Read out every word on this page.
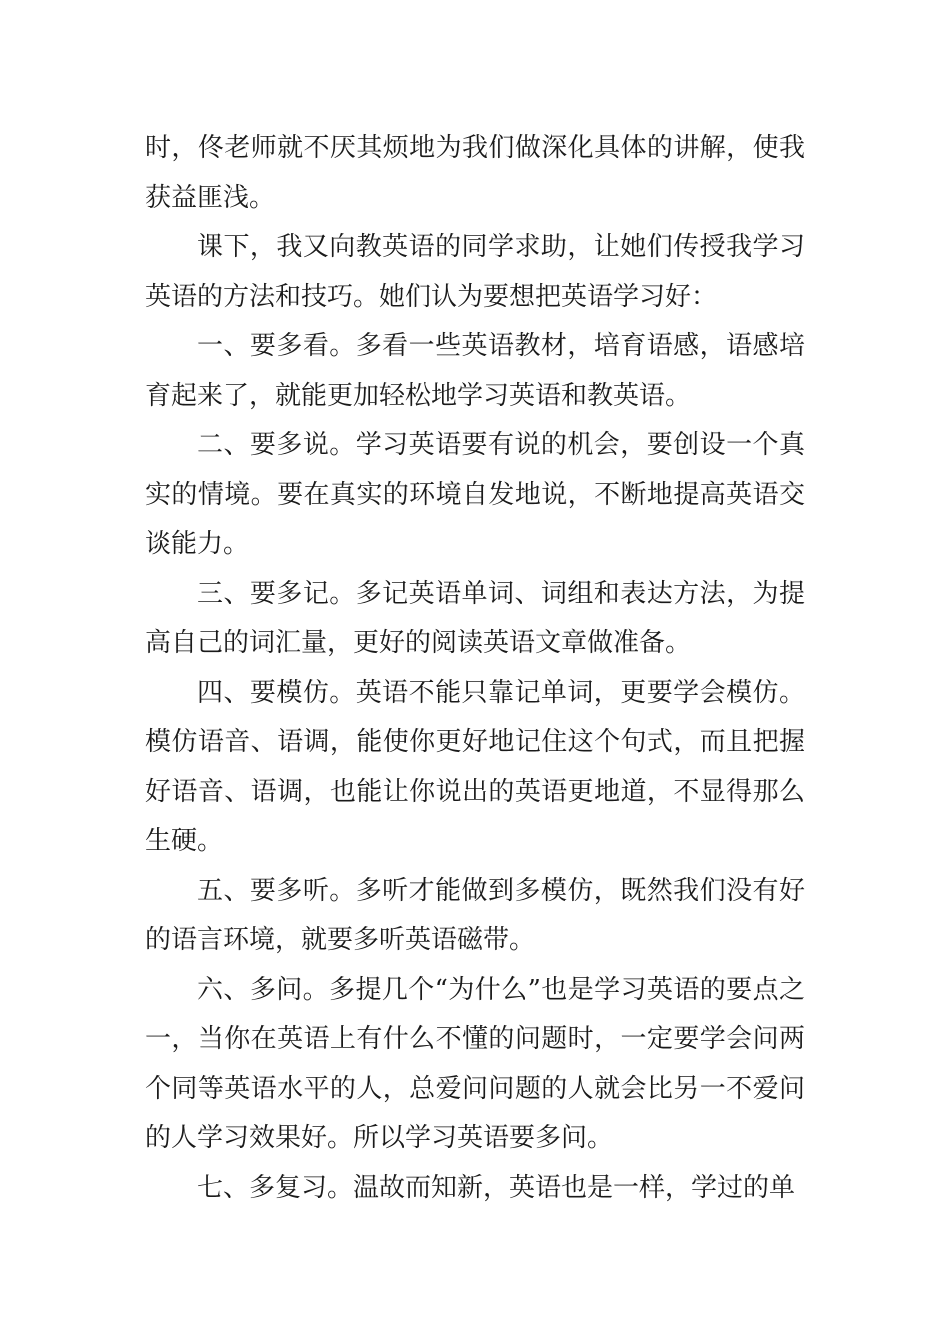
时，佟老师就不厌其烦地为我们做深化具体的讲解，使我获益匪浅。

课下，我又向教英语的同学求助，让她们传授我学习英语的方法和技巧。她们认为要想把英语学习好：

一、要多看。多看一些英语教材，培育语感，语感培育起来了，就能更加轻松地学习英语和教英语。

二、要多说。学习英语要有说的机会，要创设一个真实的情境。要在真实的环境自发地说，不断地提高英语交谈能力。

三、要多记。多记英语单词、词组和表达方法，为提高自己的词汇量，更好的阅读英语文章做准备。

四、要模仿。英语不能只靠记单词，更要学会模仿。模仿语音、语调，能使你更好地记住这个句式，而且把握好语音、语调，也能让你说出的英语更地道，不显得那么生硬。

五、要多听。多听才能做到多模仿，既然我们没有好的语言环境，就要多听英语磁带。

六、多问。多提几个“为什么”也是学习英语的要点之一，当你在英语上有什么不懂的问题时，一定要学会问两个同等英语水平的人，总爱问问题的人就会比另一不爱问的人学习效果好。所以学习英语要多问。

七、多复习。温故而知新，英语也是一样，学过的单
